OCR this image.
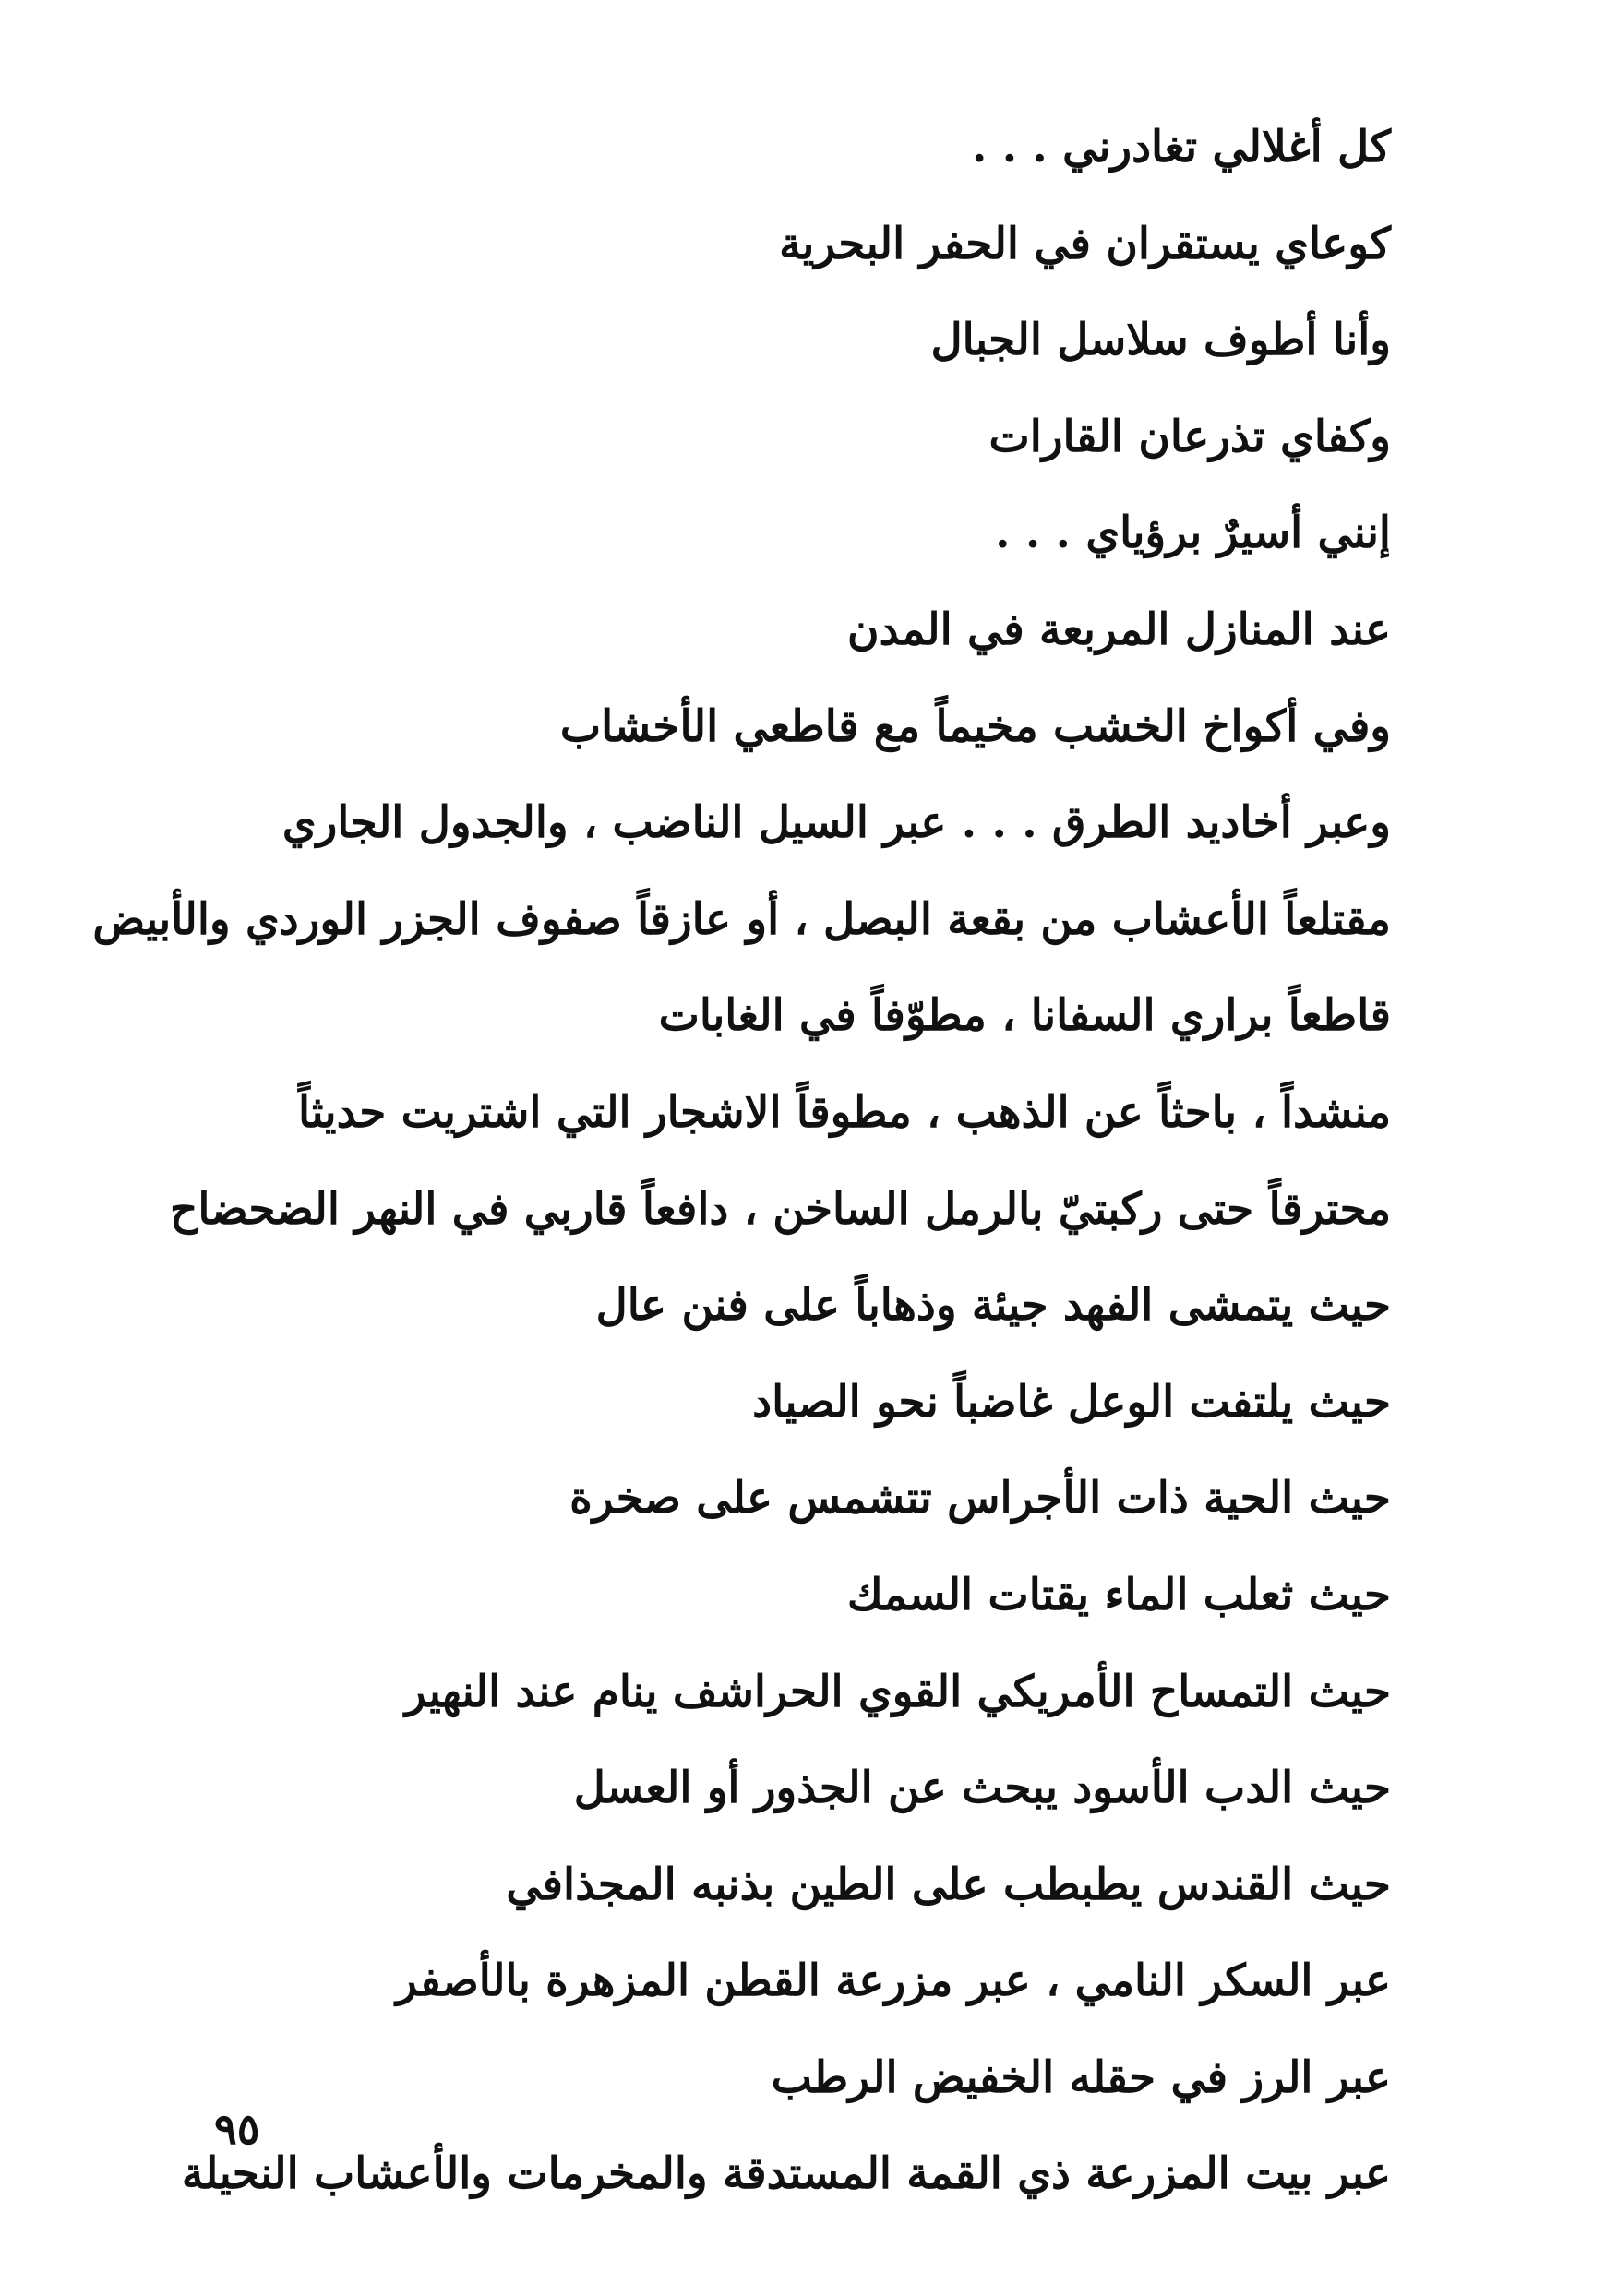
كل أغلالي تغادرني . . .
كوعاي يستقران في الحفر البحرية
وأنا أطوف سلاسل الجبال
وكفاي تذرعان القارات
إنني أسيرٌ برؤياي . . .
عند المنازل المربعة في المدن
وفي أكواخ الخشب مخيماً مع قاطعي الأخشاب
وعبر أخاديد الطرق . . . عبر السيل الناضب ، والجدول الجاري
مقتلعاً الأعشاب من بقعة البصل ، أو عازقاً صفوف الجزر الوردي والأبيض
قاطعاً براري السفانا ، مطوّفاً في الغابات
منشداً ، باحثاً عن الذهب ، مطوقاً الاشجار التي اشتريت حديثاً
محترقاً حتى ركبتيّ بالرمل الساخن ، دافعاً قاربي في النهر الضحضاح
حيث يتمشى الفهد جيئة وذهاباً على فنن عال
حيث يلتفت الوعل غاضباً نحو الصياد
حيث الحية ذات الأجراس تتشمس على صخرة
حيث ثعلب الماء يقتات السمك
حيث التمساح الأمريكي القوي الحراشف ينام عند النهير
حيث الدب الأسود يبحث عن الجذور أو العسل
حيث القندس يطبطب على الطين بذنبه المجذافي
عبر السكر النامي ، عبر مزرعة القطن المزهرة بالأصفر
عبر الرز في حقله الخفيض الرطب
عبر بيت المزرعة ذي القمة المستدقة والمخرمات والأعشاب النحيلة
٩٥
